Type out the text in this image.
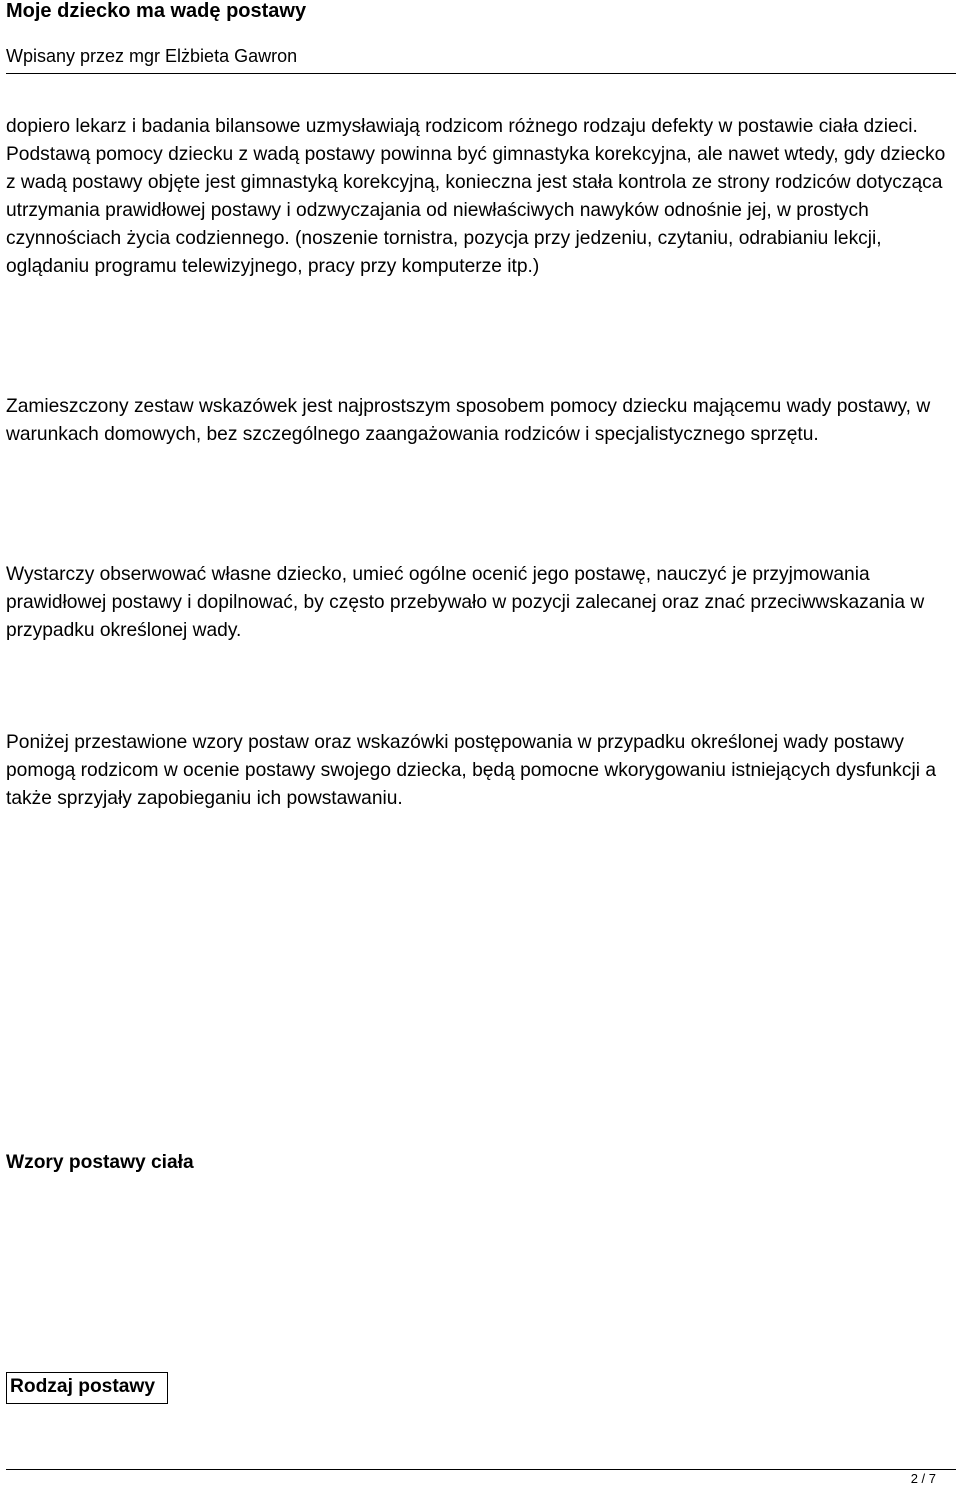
Moje dziecko ma wadę postawy
Wpisany przez mgr Elżbieta Gawron

dopiero lekarz i badania bilansowe uzmysławiają rodzicom różnego rodzaju defekty w postawie ciała dzieci. Podstawą pomocy dziecku z wadą postawy powinna być gimnastyka korekcyjna, ale nawet wtedy, gdy dziecko z wadą postawy objęte jest gimnastyką korekcyjną, konieczna jest stała kontrola ze strony rodziców dotycząca utrzymania prawidłowej postawy i odzwyczajania od niewłaściwych nawyków odnośnie jej, w prostych czynnościach życia codziennego. (noszenie tornistra, pozycja przy jedzeniu, czytaniu, odrabianiu lekcji, oglądaniu programu telewizyjnego, pracy przy komputerze itp.)

Zamieszczony zestaw wskazówek jest najprostszym sposobem pomocy dziecku mającemu wady postawy, w warunkach domowych, bez szczególnego zaangażowania rodziców i specjalistycznego sprzętu.

Wystarczy obserwować własne dziecko, umieć ogólne ocenić jego postawę, nauczyć je przyjmowania prawidłowej postawy i dopilnować, by często przebywało w pozycji zalecanej oraz znać przeciwwskazania w przypadku określonej wady.

Poniżej przestawione wzory postaw oraz wskazówki postępowania w przypadku określonej wady postawy pomogą rodzicom w ocenie postawy swojego dziecka, będą pomocne wkorygowaniu istniejących dysfunkcji a także sprzyjały zapobieganiu ich powstawaniu.

Wzory postawy ciała
Rodzaj postawy
2 / 7
